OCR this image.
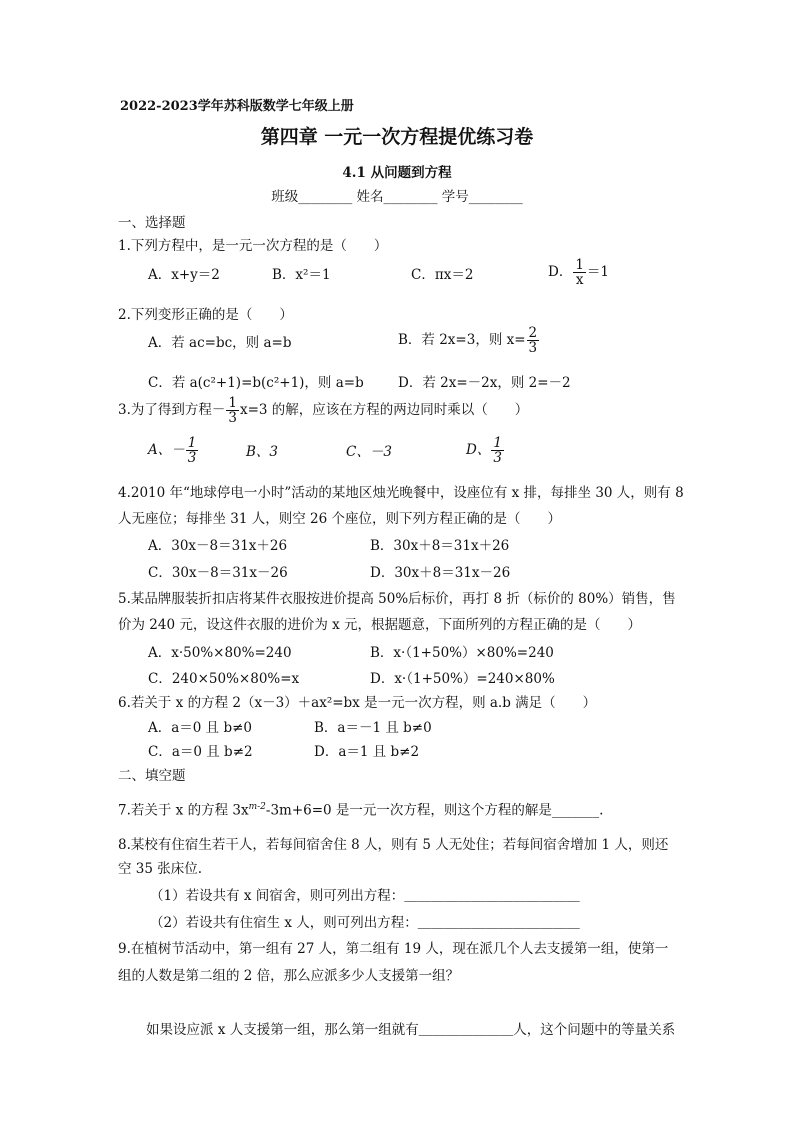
2022-2023学年苏科版数学七年级上册
第四章 一元一次方程提优练习卷
4.1 从问题到方程
班级________ 姓名________ 学号________
一、选择题
1.下列方程中，是一元一次方程的是（　　）
A．x+y＝2	B．x²＝1	C．πx＝2	D． $\frac{1}{x} =1$
2.下列变形正确的是（　　）
A．若 ac=bc，则 a=b	B．若 2x=3，则 $x= \frac{2}{3}$
C．若 a(c²+1)=b(c²+1)，则 a=b	D．若 2x=－2x，则 2=－2
3.为了得到方程－ $\frac{1}{3} x=3$ 的解，应该在方程的两边同时乘以（　　）
A、－ $\frac{1}{3}$	B、3	C、－3	D、 $\frac{1}{3}$
4.2010 年“地球停电一小时”活动的某地区烛光晚餐中，设座位有 x 排，每排坐 30 人，则有 8
人无座位；每排坐 31 人，则空 26 个座位，则下列方程正确的是（　　）
A．30x－8＝31x＋26	B．30x＋8＝31x＋26
C．30x－8＝31x－26	D．30x＋8＝31x－26
5.某品牌服装折扣店将某件衣服按进价提高 50%后标价，再打 8 折（标价的 80%）销售，售
价为 240 元，设这件衣服的进价为 x 元，根据题意，下面所列的方程正确的是（　　）
A．x·50%×80%=240	B．x·（1+50%）×80%=240
C．240×50%×80%=x	D．x·（1+50%）=240×80%
6.若关于 x 的方程 2（x－3）＋ax²=bx 是一元一次方程，则 a.b 满足（　　）
A．a＝0 且 b≠0	B．a＝－1 且 b≠0
C．a＝0 且 b≠2	D．a＝1 且 b≠2
二、填空题
7.若关于 x 的方程 $3x^{m-2}-3m+6=0$ 是一元一次方程，则这个方程的解是_______.
8.某校有住宿生若干人，若每间宿舍住 8 人，则有 5 人无处住；若每间宿舍增加 1 人，则还
空 35 张床位.
（1）若设共有 x 间宿舍，则可列出方程：＿＿＿＿＿＿＿＿＿＿＿＿＿
（2）若设共有住宿生 x 人，则可列出方程：＿＿＿＿＿＿＿＿＿＿＿＿
9.在植树节活动中，第一组有 27 人，第二组有 19 人，现在派几个人去支援第一组，使第一
组的人数是第二组的 2 倍，那么应派多少人支援第一组？
如果设应派 x 人支援第一组，那么第一组就有＿＿＿＿＿＿＿人，这个问题中的等量关系
